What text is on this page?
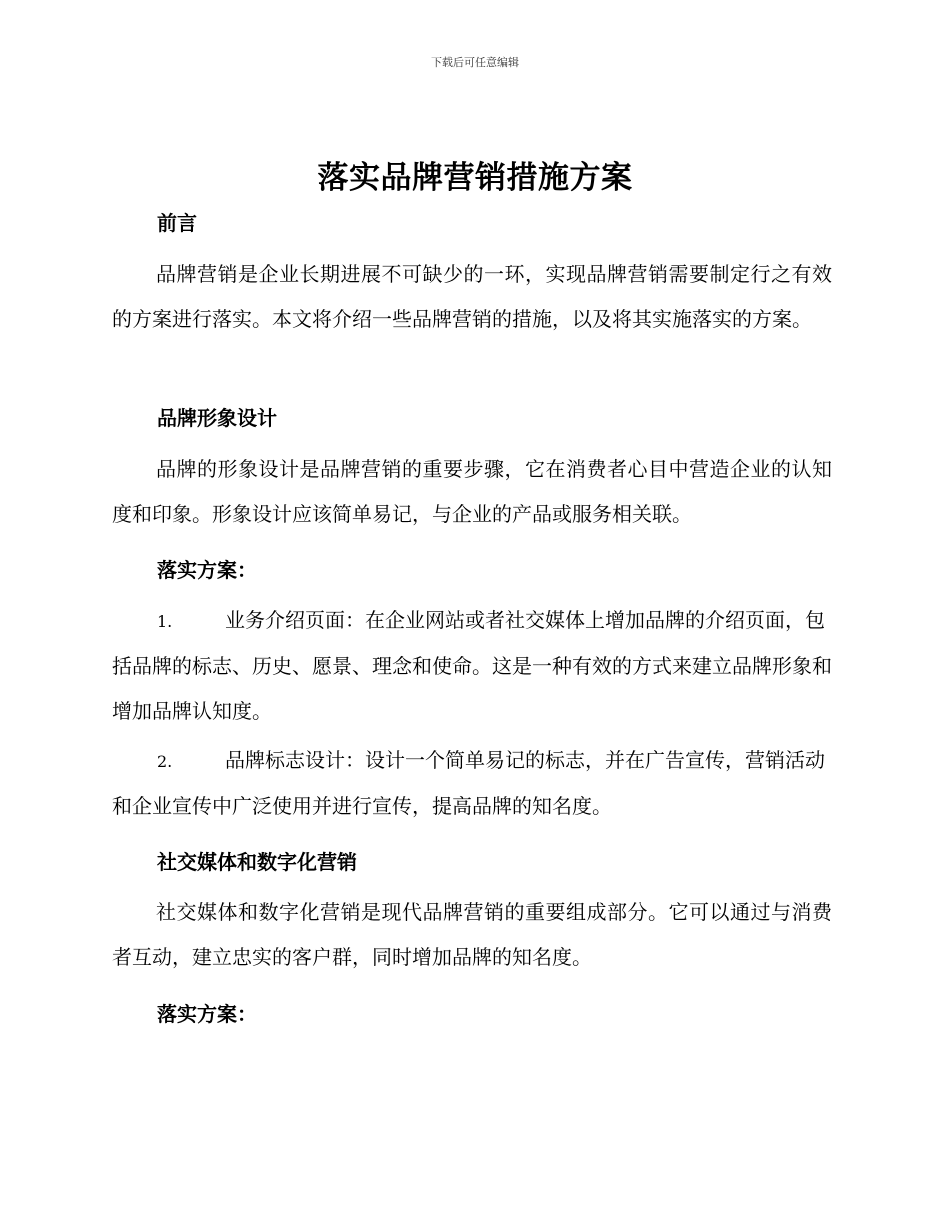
下载后可任意编辑
落实品牌营销措施方案
前言
品牌营销是企业长期进展不可缺少的一环，实现品牌营销需要制定行之有效的方案进行落实。本文将介绍一些品牌营销的措施，以及将其实施落实的方案。
品牌形象设计
品牌的形象设计是品牌营销的重要步骤，它在消费者心目中营造企业的认知度和印象。形象设计应该简单易记，与企业的产品或服务相关联。
落实方案：
1.	业务介绍页面：在企业网站或者社交媒体上增加品牌的介绍页面，包括品牌的标志、历史、愿景、理念和使命。这是一种有效的方式来建立品牌形象和增加品牌认知度。
2.	品牌标志设计：设计一个简单易记的标志，并在广告宣传，营销活动和企业宣传中广泛使用并进行宣传，提高品牌的知名度。
社交媒体和数字化营销
社交媒体和数字化营销是现代品牌营销的重要组成部分。它可以通过与消费者互动，建立忠实的客户群，同时增加品牌的知名度。
落实方案：
